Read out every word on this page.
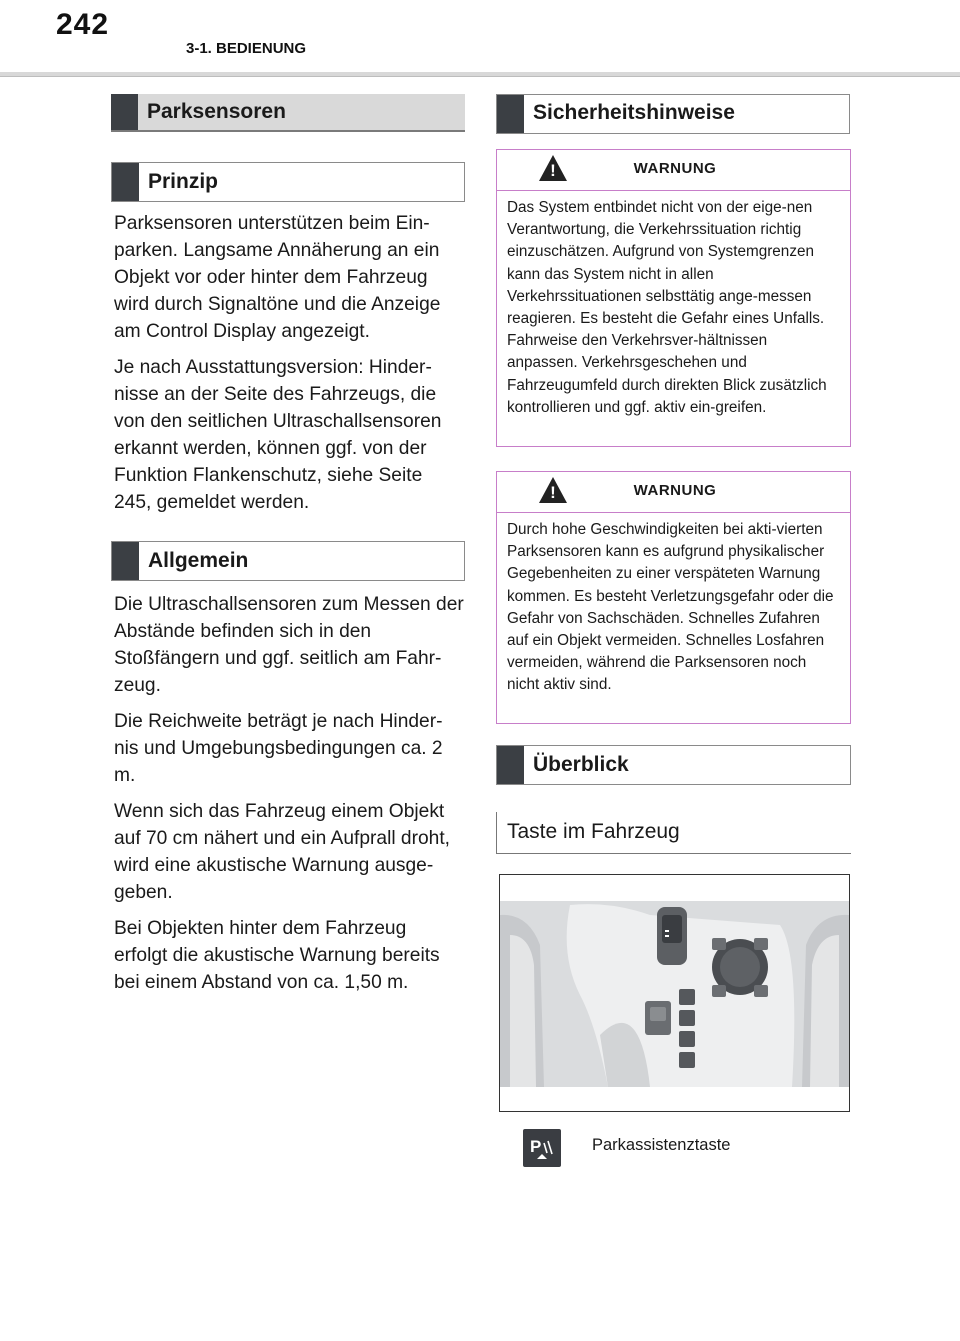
242
3-1. BEDIENUNG
Parksensoren
Prinzip

Parksensoren unterstützen beim Ein-parken. Langsame Annäherung an ein Objekt vor oder hinter dem Fahrzeug wird durch Signaltöne und die Anzeige am Control Display angezeigt.

Je nach Ausstattungsversion: Hinder-nisse an der Seite des Fahrzeugs, die von den seitlichen Ultraschallsensoren erkannt werden, können ggf. von der Funktion Flankenschutz, siehe Seite 245, gemeldet werden.

Allgemein

Die Ultraschallsensoren zum Messen der Abstände befinden sich in den Stoßfängern und ggf. seitlich am Fahr-zeug.

Die Reichweite beträgt je nach Hinder-nis und Umgebungsbedingungen ca. 2 m.

Wenn sich das Fahrzeug einem Objekt auf 70 cm nähert und ein Aufprall droht, wird eine akustische Warnung ausge-geben.

Bei Objekten hinter dem Fahrzeug erfolgt die akustische Warnung bereits bei einem Abstand von ca. 1,50 m.

Sicherheitshinweise
!	WARNUNG
Das System entbindet nicht von der eige-nen Verantwortung, die Verkehrssituation richtig einzuschätzen. Aufgrund von Systemgrenzen kann das System nicht in allen Verkehrssituationen selbsttätig ange-messen reagieren. Es besteht die Gefahr eines Unfalls. Fahrweise den Verkehrsver-hältnissen anpassen. Verkehrsgeschehen und Fahrzeugumfeld durch direkten Blick zusätzlich kontrollieren und ggf. aktiv ein-greifen.
!	WARNUNG
Durch hohe Geschwindigkeiten bei akti-vierten Parksensoren kann es aufgrund physikalischer Gegebenheiten zu einer verspäteten Warnung kommen. Es besteht Verletzungsgefahr oder die Gefahr von Sachschäden. Schnelles Zufahren auf ein Objekt vermeiden. Schnelles Losfahren vermeiden, während die Parksensoren noch nicht aktiv sind.
Überblick
Taste im Fahrzeug
P	Parkassistenztaste
